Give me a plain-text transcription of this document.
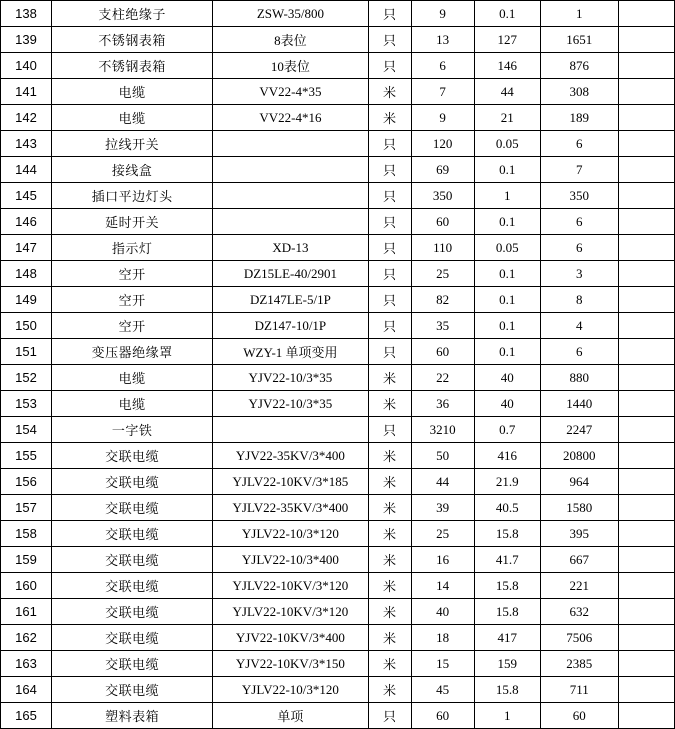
138	支柱绝缘子	ZSW-35/800	只	9	0.1	1	
139	不锈钢表箱	8表位	只	13	127	1651	
140	不锈钢表箱	10表位	只	6	146	876	
141	电缆	VV22-4*35	米	7	44	308	
142	电缆	VV22-4*16	米	9	21	189	
143	拉线开关		只	120	0.05	6	
144	接线盒		只	69	0.1	7	
145	插口平边灯头		只	350	1	350	
146	延时开关		只	60	0.1	6	
147	指示灯	XD-13	只	110	0.05	6	
148	空开	DZ15LE-40/2901	只	25	0.1	3	
149	空开	DZ147LE-5/1P	只	82	0.1	8	
150	空开	DZ147-10/1P	只	35	0.1	4	
151	变压器绝缘罩	WZY-1 单项变用	只	60	0.1	6	
152	电缆	YJV22-10/3*35	米	22	40	880	
153	电缆	YJV22-10/3*35	米	36	40	1440	
154	一字铁		只	3210	0.7	2247	
155	交联电缆	YJV22-35KV/3*400	米	50	416	20800	
156	交联电缆	YJLV22-10KV/3*185	米	44	21.9	964	
157	交联电缆	YJLV22-35KV/3*400	米	39	40.5	1580	
158	交联电缆	YJLV22-10/3*120	米	25	15.8	395	
159	交联电缆	YJLV22-10/3*400	米	16	41.7	667	
160	交联电缆	YJLV22-10KV/3*120	米	14	15.8	221	
161	交联电缆	YJLV22-10KV/3*120	米	40	15.8	632	
162	交联电缆	YJV22-10KV/3*400	米	18	417	7506	
163	交联电缆	YJV22-10KV/3*150	米	15	159	2385	
164	交联电缆	YJLV22-10/3*120	米	45	15.8	711	
165	塑料表箱	单项	只	60	1	60	
